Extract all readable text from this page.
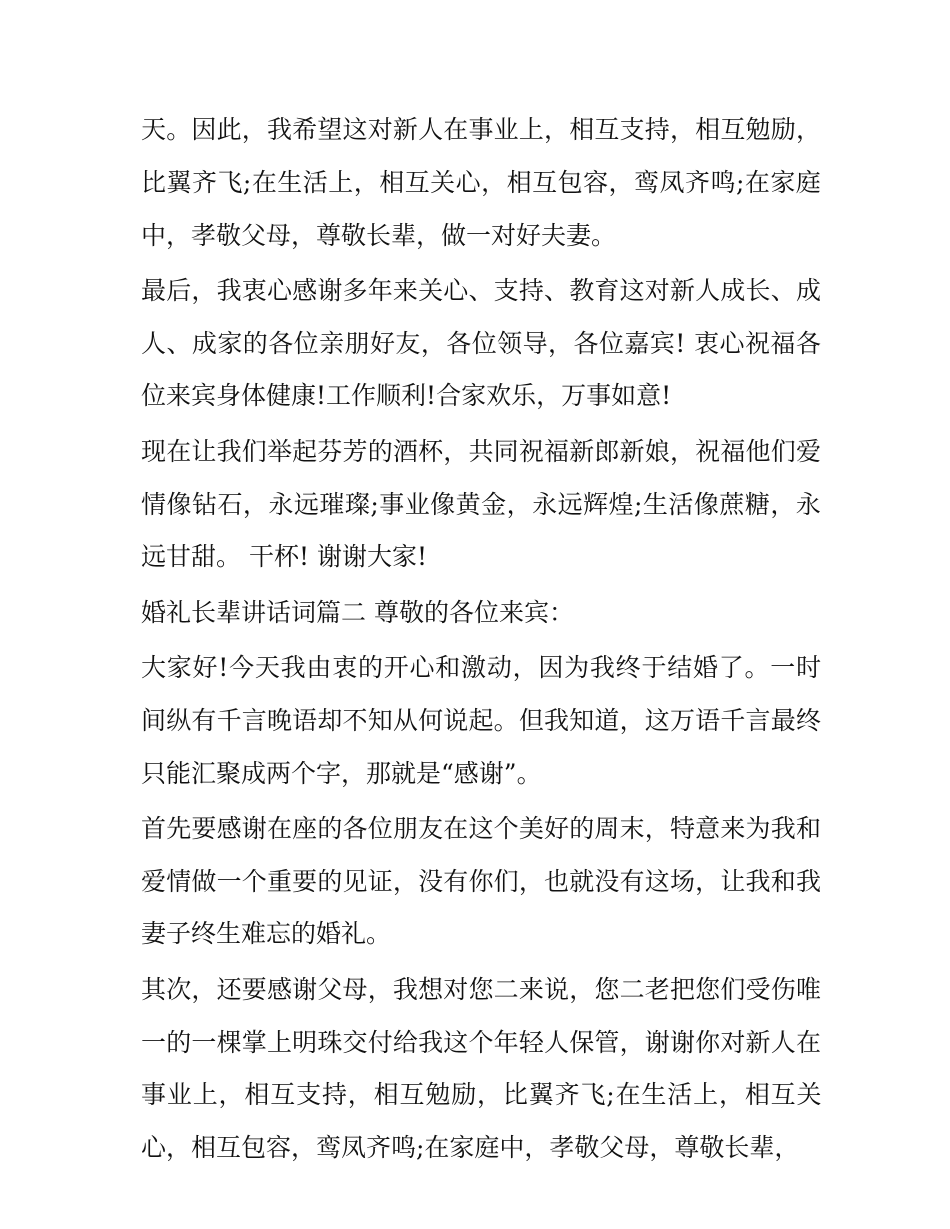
天。因此，我希望这对新人在事业上，相互支持，相互勉励，
比翼齐飞;在生活上，相互关心，相互包容，鸾凤齐鸣;在家庭
中，孝敬父母，尊敬长辈，做一对好夫妻。
最后，我衷心感谢多年来关心、支持、教育这对新人成长、成
人、成家的各位亲朋好友，各位领导，各位嘉宾! 衷心祝福各
位来宾身体健康!工作顺利!合家欢乐，万事如意!
现在让我们举起芬芳的酒杯，共同祝福新郎新娘，祝福他们爱
情像钻石，永远璀璨;事业像黄金，永远辉煌;生活像蔗糖，永
远甘甜。 干杯! 谢谢大家!
婚礼长辈讲话词篇二 尊敬的各位来宾：
大家好!今天我由衷的开心和激动，因为我终于结婚了。一时
间纵有千言晚语却不知从何说起。但我知道，这万语千言最终
只能汇聚成两个字，那就是“感谢”。
首先要感谢在座的各位朋友在这个美好的周末，特意来为我和
爱情做一个重要的见证，没有你们，也就没有这场，让我和我
妻子终生难忘的婚礼。
其次，还要感谢父母，我想对您二来说，您二老把您们受伤唯
一的一棵掌上明珠交付给我这个年轻人保管，谢谢你对新人在
事业上，相互支持，相互勉励，比翼齐飞;在生活上，相互关
心，相互包容，鸾凤齐鸣;在家庭中，孝敬父母，尊敬长辈，
